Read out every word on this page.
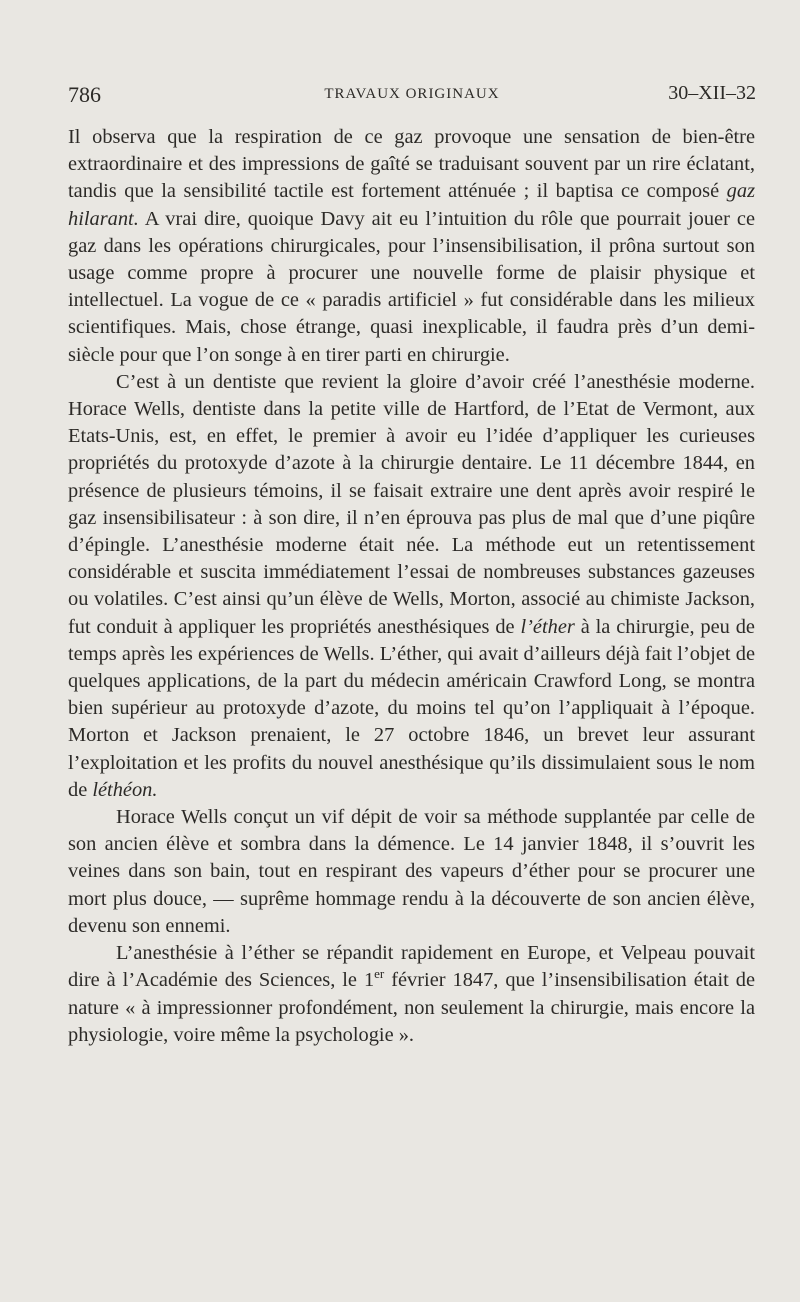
786	TRAVAUX ORIGINAUX	30–XII–32

Il observa que la respiration de ce gaz provoque une sensation de bien-être extraordinaire et des impressions de gaîté se traduisant souvent par un rire éclatant, tandis que la sensibilité tactile est fortement atténuée ; il baptisa ce composé gaz hilarant. A vrai dire, quoique Davy ait eu l’intuition du rôle que pourrait jouer ce gaz dans les opérations chirurgicales, pour l’insensibilisation, il prôna surtout son usage comme propre à procurer une nouvelle forme de plaisir physique et intellectuel. La vogue de ce « paradis artificiel » fut considérable dans les milieux scientifiques. Mais, chose étrange, quasi inexplicable, il faudra près d’un demi-siècle pour que l’on songe à en tirer parti en chirurgie.

C’est à un dentiste que revient la gloire d’avoir créé l’anesthésie moderne. Horace Wells, dentiste dans la petite ville de Hartford, de l’Etat de Vermont, aux Etats-Unis, est, en effet, le premier à avoir eu l’idée d’appliquer les curieuses propriétés du protoxyde d’azote à la chirurgie dentaire. Le 11 décembre 1844, en présence de plusieurs témoins, il se faisait extraire une dent après avoir respiré le gaz insensibilisateur : à son dire, il n’en éprouva pas plus de mal que d’une piqûre d’épingle. L’anesthésie moderne était née. La méthode eut un retentissement considérable et suscita immédiatement l’essai de nombreuses substances gazeuses ou volatiles. C’est ainsi qu’un élève de Wells, Morton, associé au chimiste Jackson, fut conduit à appliquer les propriétés anesthésiques de l’éther à la chirurgie, peu de temps après les expériences de Wells. L’éther, qui avait d’ailleurs déjà fait l’objet de quelques applications, de la part du médecin américain Crawford Long, se montra bien supérieur au protoxyde d’azote, du moins tel qu’on l’appliquait à l’époque. Morton et Jackson prenaient, le 27 octobre 1846, un brevet leur assurant l’exploitation et les profits du nouvel anesthésique qu’ils dissimulaient sous le nom de léthéon.

Horace Wells conçut un vif dépit de voir sa méthode supplantée par celle de son ancien élève et sombra dans la démence. Le 14 janvier 1848, il s’ouvrit les veines dans son bain, tout en respirant des vapeurs d’éther pour se procurer une mort plus douce, — suprême hommage rendu à la découverte de son ancien élève, devenu son ennemi.

L’anesthésie à l’éther se répandit rapidement en Europe, et Velpeau pouvait dire à l’Académie des Sciences, le 1er février 1847, que l’insensibilisation était de nature « à impressionner profondément, non seulement la chirurgie, mais encore la physiologie, voire même la psychologie ».
